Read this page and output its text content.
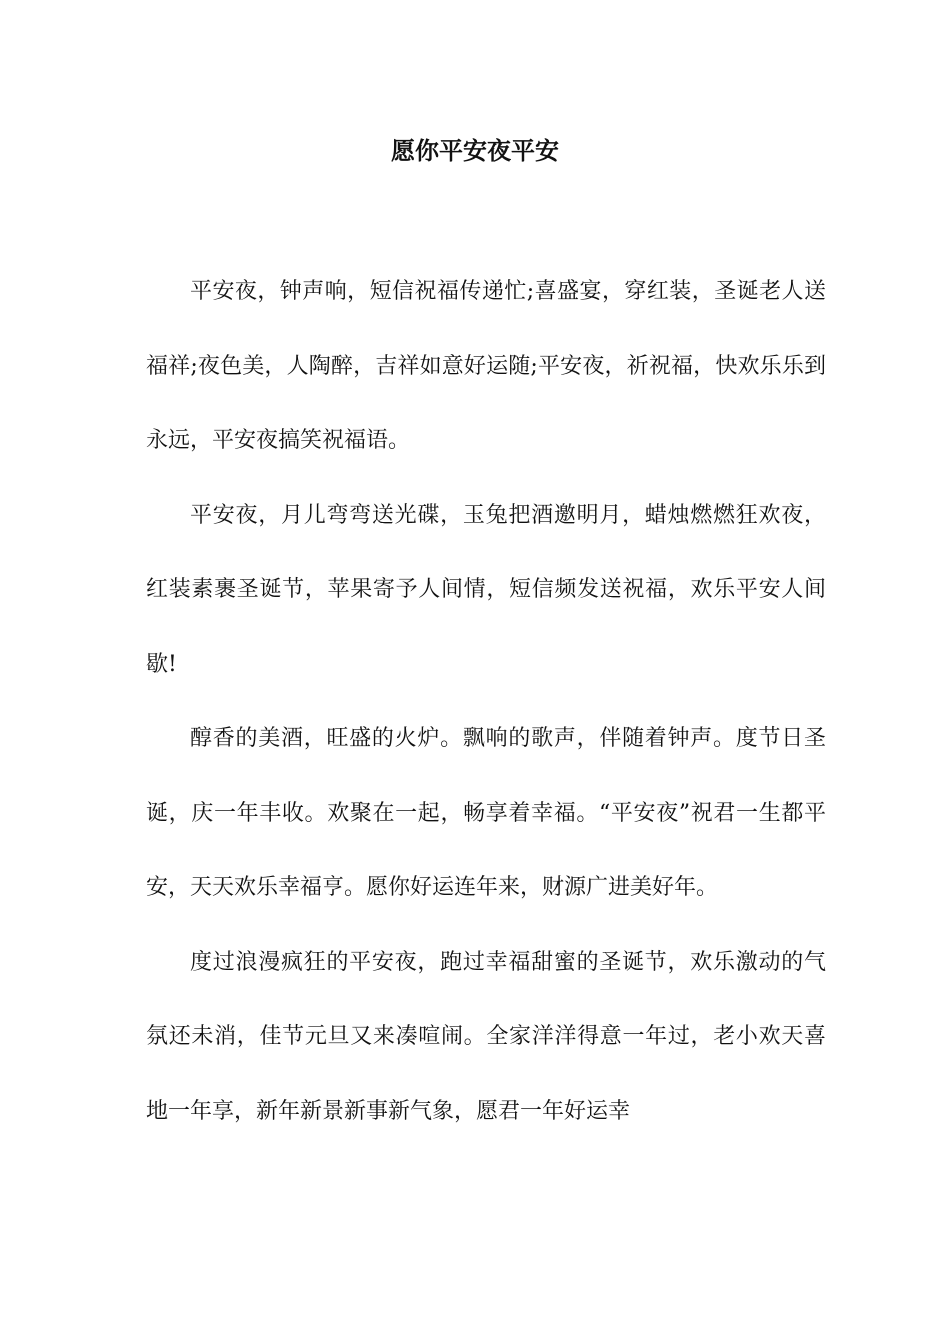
愿你平安夜平安

平安夜，钟声响，短信祝福传递忙;喜盛宴，穿红装，圣诞老人送福祥;夜色美，人陶醉，吉祥如意好运随;平安夜，祈祝福，快欢乐乐到永远，平安夜搞笑祝福语。

平安夜，月儿弯弯送光碟，玉兔把酒邀明月，蜡烛燃燃狂欢夜，红装素裹圣诞节，苹果寄予人间情，短信频发送祝福，欢乐平安人间歇!

醇香的美酒，旺盛的火炉。飘响的歌声，伴随着钟声。度节日圣诞，庆一年丰收。欢聚在一起，畅享着幸福。“平安夜”祝君一生都平安，天天欢乐幸福亨。愿你好运连年来，财源广进美好年。

度过浪漫疯狂的平安夜，跑过幸福甜蜜的圣诞节，欢乐激动的气氛还未消，佳节元旦又来凑喧闹。全家洋洋得意一年过，老小欢天喜地一年享，新年新景新事新气象，愿君一年好运幸
